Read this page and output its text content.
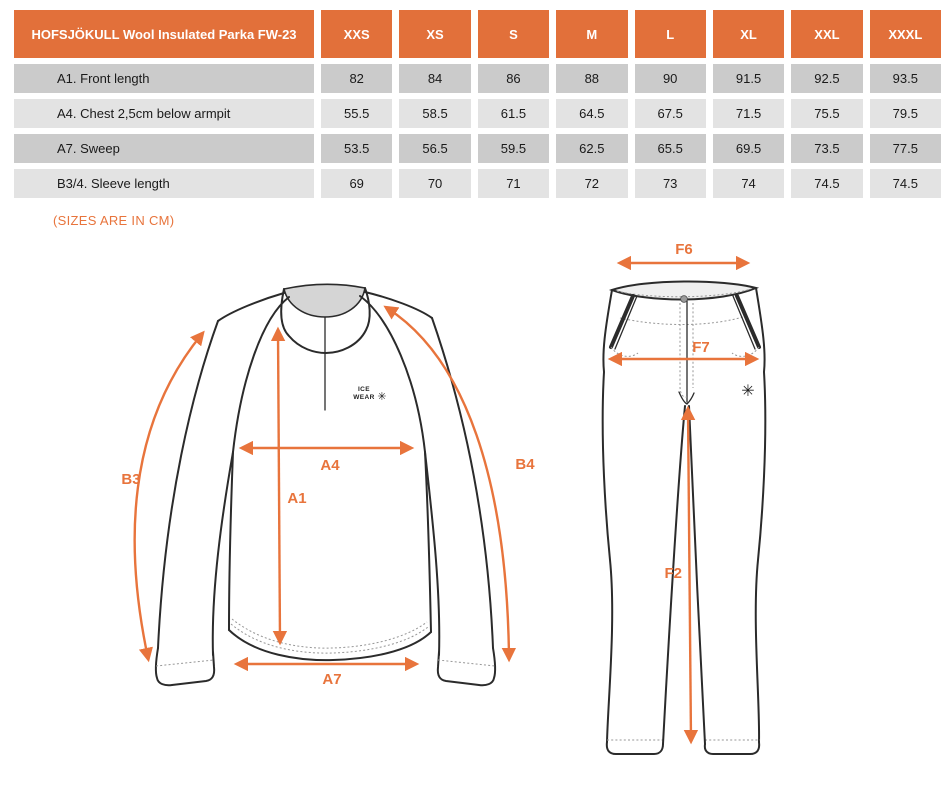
HOFSJÖKULL Wool Insulated Parka FW-23	XXS	XS	S	M	L	XL	XXL	XXXL
A1. Front length	82	84	86	88	90	91.5	92.5	93.5
A4. Chest 2,5cm below armpit	55.5	58.5	61.5	64.5	67.5	71.5	75.5	79.5
A7. Sweep	53.5	56.5	59.5	62.5	65.5	69.5	73.5	77.5
B3/4. Sleeve length	69	70	71	72	73	74	74.5	74.5
(SIZES ARE IN CM)
ICE
WEAR ✳
B3
A4
A1
B4
A7
✳
F6
F7
F2
